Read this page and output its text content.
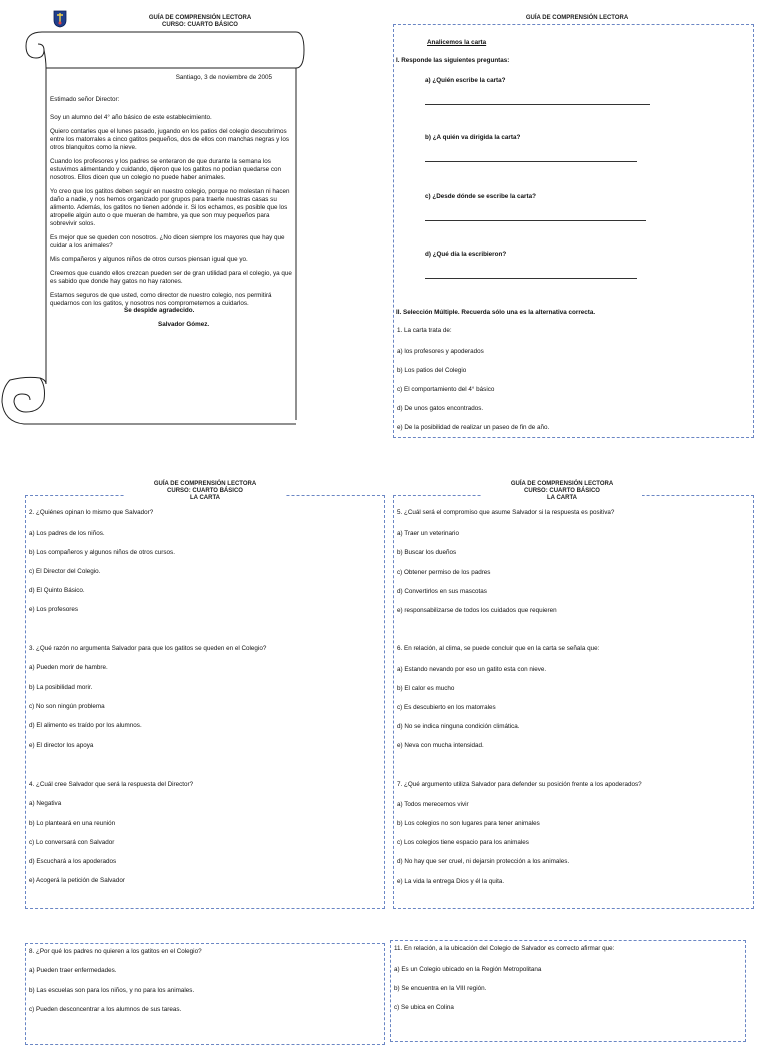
GUÍA DE COMPRENSIÓN LECTORA
CURSO: CUARTO BÁSICO
Santiago, 3 de noviembre de 2005

Estimado señor Director:

Soy un alumno del 4° año básico de este establecimiento.

Quiero contarles que el lunes pasado, jugando en los patios del colegio descubrimos entre los matorrales a cinco gatitos pequeños, dos de ellos con manchas negras y los otros blanquitos como la nieve.

Cuando los profesores y los padres se enteraron de que durante la semana los estuvimos alimentando y cuidando, dijeron que los gatitos no podían quedarse con nosotros. Ellos dicen que un colegio no puede haber animales.

Yo creo que los gatitos deben seguir en nuestro colegio, porque no molestan ni hacen daño a nadie, y nos hemos organizado por grupos para traerle nuestras casas su alimento. Además, los gatitos no tienen adónde ir. Si los echamos, es posible que los atropelle algún auto o que mueran de hambre, ya que son muy pequeños para sobrevivir solos.

Es mejor que se queden con nosotros. ¿No dicen siempre los mayores que hay que cuidar a los animales?

Mis compañeros y algunos niños de otros cursos piensan igual que yo.

Creemos que cuando ellos crezcan pueden ser de gran utilidad para el colegio, ya que es sabido que donde hay gatos no hay ratones.

Estamos seguros de que usted, como director de nuestro colegio, nos permitirá quedarnos con los gatitos, y nosotros nos comprometemos a cuidarlos.

Se despide agradecido.
Salvador Gómez.
GUÍA DE COMPRENSIÓN LECTORA
Analicemos la carta
I. Responde las siguientes preguntas:
a) ¿Quién escribe la carta?
b) ¿A quién va dirigida la carta?
c) ¿Desde dónde se escribe la carta?
d) ¿Qué día la escribieron?
II. Selección Múltiple. Recuerda sólo una es la alternativa correcta.
1. La carta trata de:
a) los profesores y apoderados
b) Los patios del Colegio
c) El comportamiento del 4° básico
d) De unos gatos encontrados.
e) De la posibilidad de realizar un paseo de fin de año.
GUÍA DE COMPRENSIÓN LECTORA
CURSO: CUARTO BÁSICO
LA CARTA
2. ¿Quiénes opinan lo mismo que Salvador?
a) Los padres de los niños.
b) Los compañeros y algunos niños de otros cursos.
c) El Director del Colegio.
d) El Quinto Básico.
e) Los profesores
3. ¿Qué razón no argumenta Salvador para que los gatitos se queden en el Colegio?
a) Pueden morir de hambre.
b) La posibilidad morir.
c) No son ningún problema
d) El alimento es traído por los alumnos.
e) El director los apoya
4. ¿Cuál cree Salvador que será la respuesta del Director?
a) Negativa
b) Lo planteará en una reunión
c) Lo conversará con Salvador
d) Escuchará a los apoderados
e) Acogerá la petición de Salvador
GUÍA DE COMPRENSIÓN LECTORA
CURSO: CUARTO BÁSICO
LA CARTA
5. ¿Cuál será el compromiso que asume Salvador si la respuesta es positiva?
a) Traer un veterinario
b) Buscar los dueños
c) Obtener permiso de los padres
d) Convertirlos en sus mascotas
e) responsabilizarse de todos los cuidados que requieren
6. En relación, al clima, se puede concluir que en la carta se señala que:
a) Estando nevando por eso un gatito esta con nieve.
b) El calor es mucho
c) Es descubierto en los matorrales
d) No se indica ninguna condición climática.
e) Neva con mucha intensidad.
7. ¿Qué argumento utiliza Salvador para defender su posición frente a los apoderados?
a) Todos merecemos vivir
b) Los colegios no son lugares para tener animales
c) Los colegios tiene espacio para los animales
d) No hay que ser cruel, ni dejarsin protección a los animales.
e) La vida la entrega Dios y él la quita.
8. ¿Por qué los padres no quieren a los gatitos en el Colegio?
a) Pueden traer enfermedades.
b) Las escuelas son para los niños, y no para los animales.
c) Pueden desconcentrar a los alumnos de sus tareas.
11. En relación, a la ubicación del Colegio de Salvador es correcto afirmar que:
a) Es un Colegio ubicado en la Región Metropolitana
b) Se encuentra en la VIII región.
c) Se ubica en Colina
